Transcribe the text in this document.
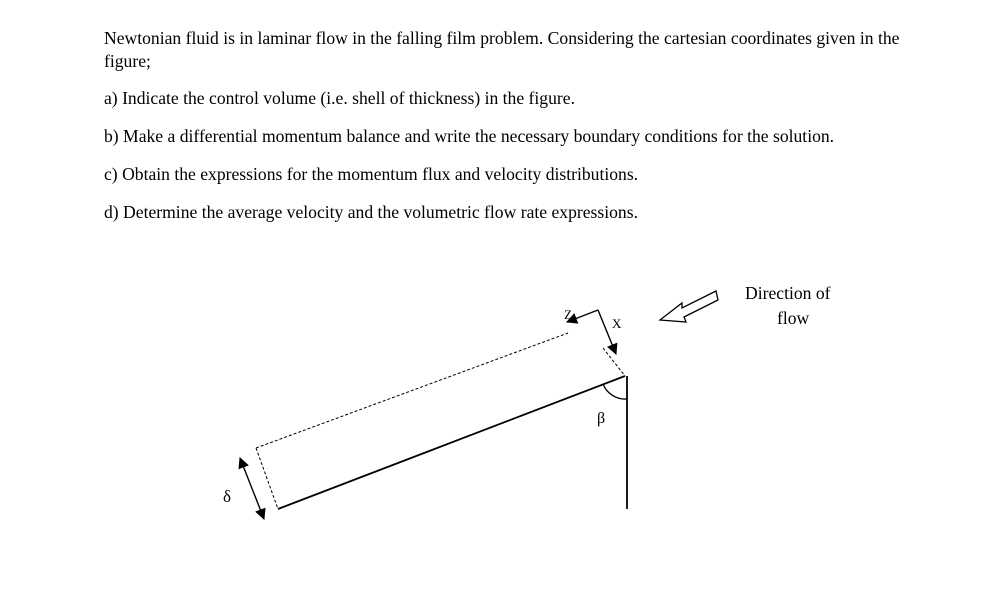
Newtonian fluid is in laminar flow in the falling film problem. Considering the cartesian coordinates given in the figure;

a) Indicate the control volume (i.e. shell of thickness) in the figure.

b) Make a differential momentum balance and write the necessary boundary conditions for the solution.

c) Obtain the expressions for the momentum flux and velocity distributions.

d) Determine the average velocity and the volumetric flow rate expressions.

Z
X
β
δ
Direction of
flow
